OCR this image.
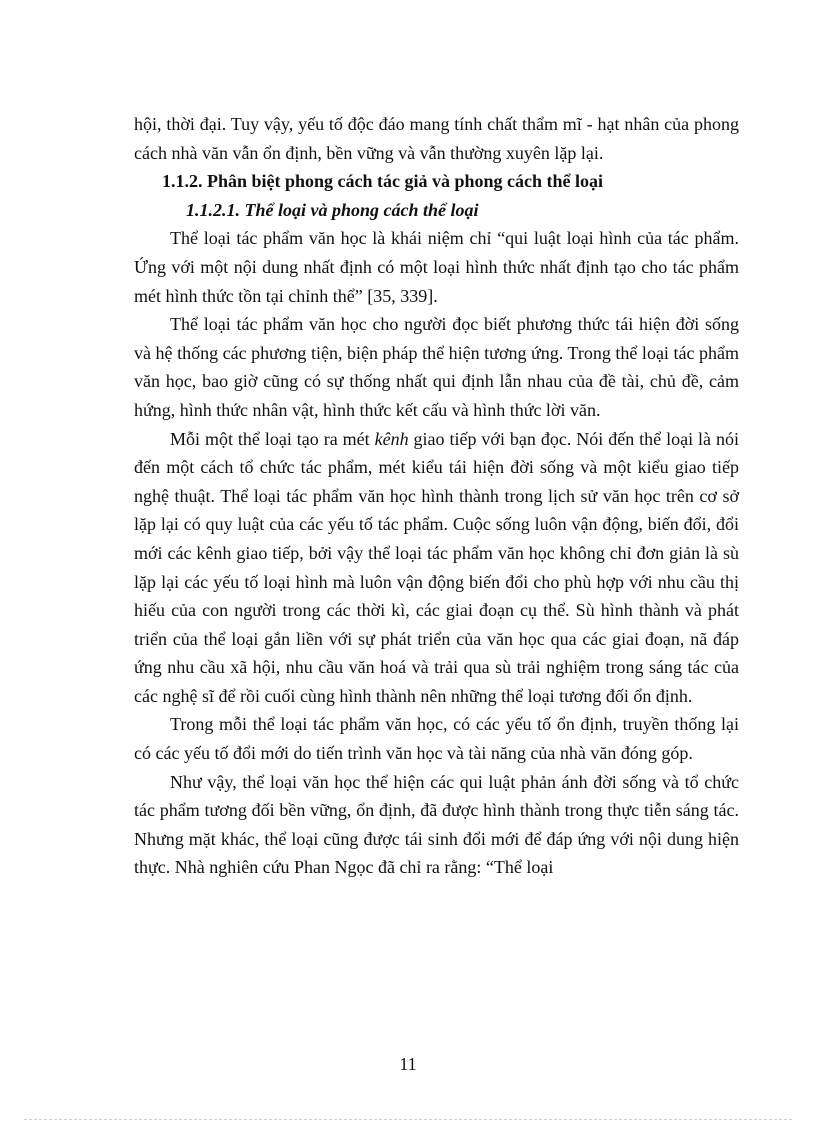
hội, thời đại. Tuy vậy, yếu tố độc đáo mang tính chất thẩm mĩ - hạt nhân của phong cách nhà văn vẫn ổn định, bền vững và vẫn thường xuyên lặp lại.

1.1.2. Phân biệt phong cách tác giả và phong cách thể loại
1.1.2.1. Thể loại và phong cách thể loại

Thể loại tác phẩm văn học là khái niệm chỉ “qui luật loại hình của tác phẩm. Ứng với một nội dung nhất định có một loại hình thức nhất định tạo cho tác phẩm mét hình thức tồn tại chỉnh thể” [35, 339].

Thể loại tác phẩm văn học cho người đọc biết phương thức tái hiện đời sống và hệ thống các phương tiện, biện pháp thể hiện tương ứng. Trong thể loại tác phẩm văn học, bao giờ cũng có sự thống nhất qui định lẫn nhau của đề tài, chủ đề, cảm hứng, hình thức nhân vật, hình thức kết cấu và hình thức lời văn.

Mỗi một thể loại tạo ra mét kênh giao tiếp với bạn đọc. Nói đến thể loại là nói đến một cách tổ chức tác phẩm, mét kiểu tái hiện đời sống và một kiểu giao tiếp nghệ thuật. Thể loại tác phẩm văn học hình thành trong lịch sử văn học trên cơ sở lặp lại có quy luật của các yếu tố tác phẩm. Cuộc sống luôn vận động, biến đổi, đổi mới các kênh giao tiếp, bởi vậy thể loại tác phẩm văn học không chỉ đơn giản là sù lặp lại các yếu tố loại hình mà luôn vận động biến đổi cho phù hợp với nhu cầu thị hiếu của con người trong các thời kì, các giai đoạn cụ thể. Sù hình thành và phát triển của thể loại gắn liền với sự phát triển của văn học qua các giai đoạn, nã đáp ứng nhu cầu xã hội, nhu cầu văn hoá và trải qua sù trải nghiệm trong sáng tác của các nghệ sĩ để rồi cuối cùng hình thành nên những thể loại tương đối ổn định.

Trong mỗi thể loại tác phẩm văn học, có các yếu tố ổn định, truyền thống lại có các yếu tố đổi mới do tiến trình văn học và tài năng của nhà văn đóng góp.

Như vậy, thể loại văn học thể hiện các qui luật phản ánh đời sống và tổ chức tác phẩm tương đối bền vững, ổn định, đã được hình thành trong thực tiễn sáng tác. Nhưng mặt khác, thể loại cũng được tái sinh đổi mới để đáp ứng với nội dung hiện thực. Nhà nghiên cứu Phan Ngọc đã chỉ ra rằng: “Thể loại

11
